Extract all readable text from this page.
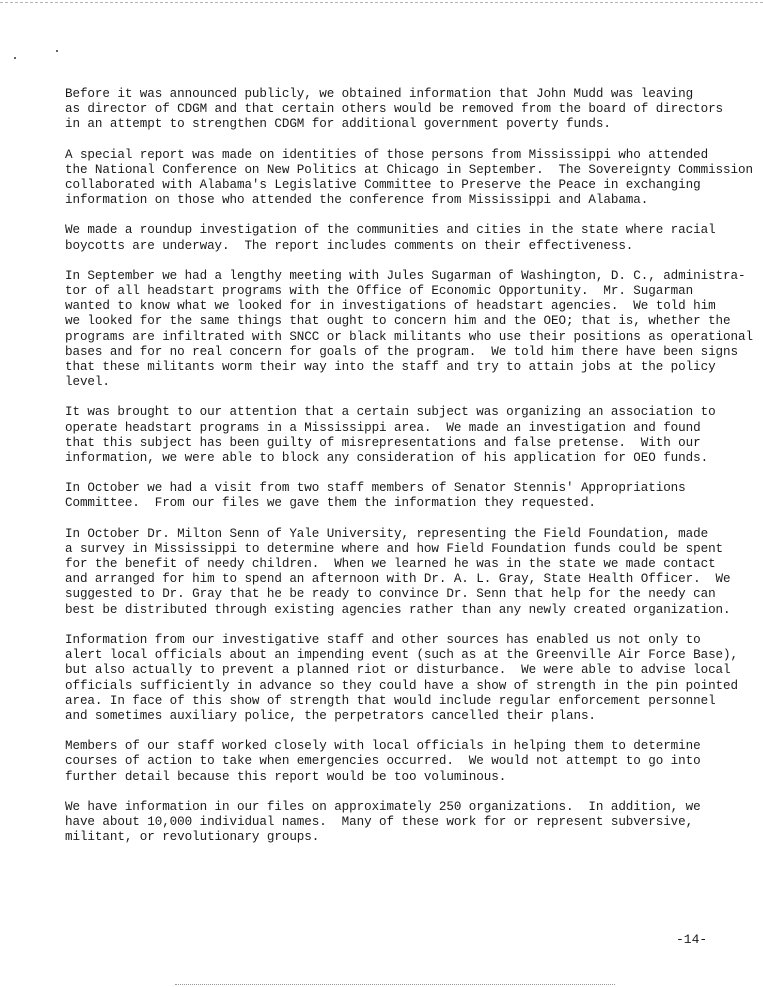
Before it was announced publicly, we obtained information that John Mudd was leaving
as director of CDGM and that certain others would be removed from the board of directors
in an attempt to strengthen CDGM for additional government poverty funds.

A special report was made on identities of those persons from Mississippi who attended
the National Conference on New Politics at Chicago in September.  The Sovereignty Commission
collaborated with Alabama's Legislative Committee to Preserve the Peace in exchanging
information on those who attended the conference from Mississippi and Alabama.

We made a roundup investigation of the communities and cities in the state where racial
boycotts are underway.  The report includes comments on their effectiveness.

In September we had a lengthy meeting with Jules Sugarman of Washington, D. C., administra-
tor of all headstart programs with the Office of Economic Opportunity.  Mr. Sugarman
wanted to know what we looked for in investigations of headstart agencies.  We told him
we looked for the same things that ought to concern him and the OEO; that is, whether the
programs are infiltrated with SNCC or black militants who use their positions as operational
bases and for no real concern for goals of the program.  We told him there have been signs
that these militants worm their way into the staff and try to attain jobs at the policy
level.

It was brought to our attention that a certain subject was organizing an association to
operate headstart programs in a Mississippi area.  We made an investigation and found
that this subject has been guilty of misrepresentations and false pretense.  With our
information, we were able to block any consideration of his application for OEO funds.

In October we had a visit from two staff members of Senator Stennis' Appropriations
Committee.  From our files we gave them the information they requested.

In October Dr. Milton Senn of Yale University, representing the Field Foundation, made
a survey in Mississippi to determine where and how Field Foundation funds could be spent
for the benefit of needy children.  When we learned he was in the state we made contact
and arranged for him to spend an afternoon with Dr. A. L. Gray, State Health Officer.  We
suggested to Dr. Gray that he be ready to convince Dr. Senn that help for the needy can
best be distributed through existing agencies rather than any newly created organization.

Information from our investigative staff and other sources has enabled us not only to
alert local officials about an impending event (such as at the Greenville Air Force Base),
but also actually to prevent a planned riot or disturbance.  We were able to advise local
officials sufficiently in advance so they could have a show of strength in the pin pointed
area. In face of this show of strength that would include regular enforcement personnel
and sometimes auxiliary police, the perpetrators cancelled their plans.

Members of our staff worked closely with local officials in helping them to determine
courses of action to take when emergencies occurred.  We would not attempt to go into
further detail because this report would be too voluminous.

We have information in our files on approximately 250 organizations.  In addition, we
have about 10,000 individual names.  Many of these work for or represent subversive,
militant, or revolutionary groups.

-14-
